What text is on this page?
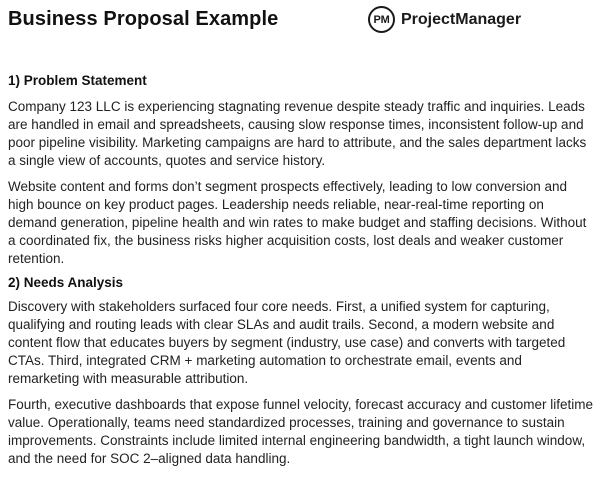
Business Proposal Example	PM ProjectManager
1) Problem Statement

Company 123 LLC is experiencing stagnating revenue despite steady traffic and inquiries. Leads are handled in email and spreadsheets, causing slow response times, inconsistent follow-up and poor pipeline visibility. Marketing campaigns are hard to attribute, and the sales department lacks a single view of accounts, quotes and service history.

Website content and forms don’t segment prospects effectively, leading to low conversion and high bounce on key product pages. Leadership needs reliable, near-real-time reporting on demand generation, pipeline health and win rates to make budget and staffing decisions. Without a coordinated fix, the business risks higher acquisition costs, lost deals and weaker customer retention.

2) Needs Analysis

Discovery with stakeholders surfaced four core needs. First, a unified system for capturing, qualifying and routing leads with clear SLAs and audit trails. Second, a modern website and content flow that educates buyers by segment (industry, use case) and converts with targeted CTAs. Third, integrated CRM + marketing automation to orchestrate email, events and remarketing with measurable attribution.

Fourth, executive dashboards that expose funnel velocity, forecast accuracy and customer lifetime value. Operationally, teams need standardized processes, training and governance to sustain improvements. Constraints include limited internal engineering bandwidth, a tight launch window, and the need for SOC 2–aligned data handling.
